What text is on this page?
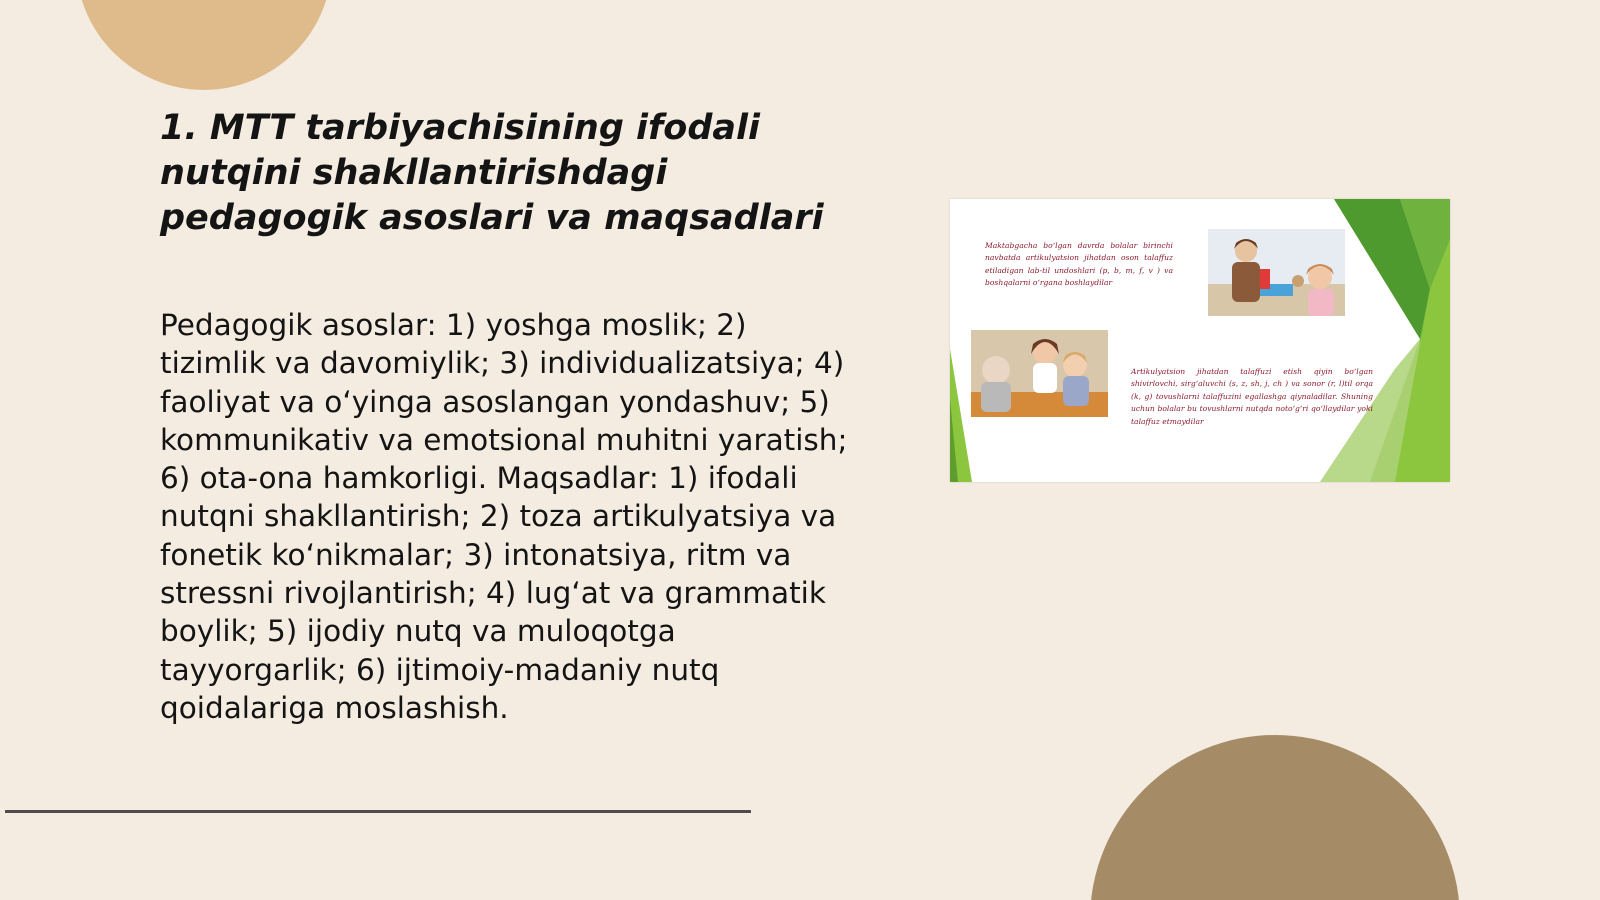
1. MTT tarbiyachisining ifodali nutqini shakllantirishdagi pedagogik asoslari va maqsadlari

Pedagogik asoslar: 1) yoshga moslik; 2) tizimlik va davomiylik; 3) individualizatsiya; 4) faoliyat va o‘yinga asoslangan yondashuv; 5) kommunikativ va emotsional muhitni yaratish; 6) ota-ona hamkorligi. Maqsadlar: 1) ifodali nutqni shakllantirish; 2) toza artikulyatsiya va fonetik ko‘nikmalar; 3) intonatsiya, ritm va stressni rivojlantirish; 4) lug‘at va grammatik boylik; 5) ijodiy nutq va muloqotga tayyorgarlik; 6) ijtimoiy-madaniy nutq qoidalariga moslashish.

Maktabgacha bo‘lgan davrda bolalar birinchi navbatda artikulyatsion jihatdan oson talaffuz etiladigan lab-til undoshlari (p, b, m, f, v ) va boshqalarni o‘rgana boshlaydilar
Artikulyatsion jihatdan talaffuzi etish qiyin bo‘lgan shivirlovchi, sirg‘aluvchi (s, z, sh, j, ch ) va sonor (r, l)til orqa (k, g) tovushlarni talaffuzini egallashga qiynaladilar. Shuning uchun bolalar bu tovushlarni nutqda noto‘g‘ri qo‘llaydilar yoki talaffuz etmaydilar
